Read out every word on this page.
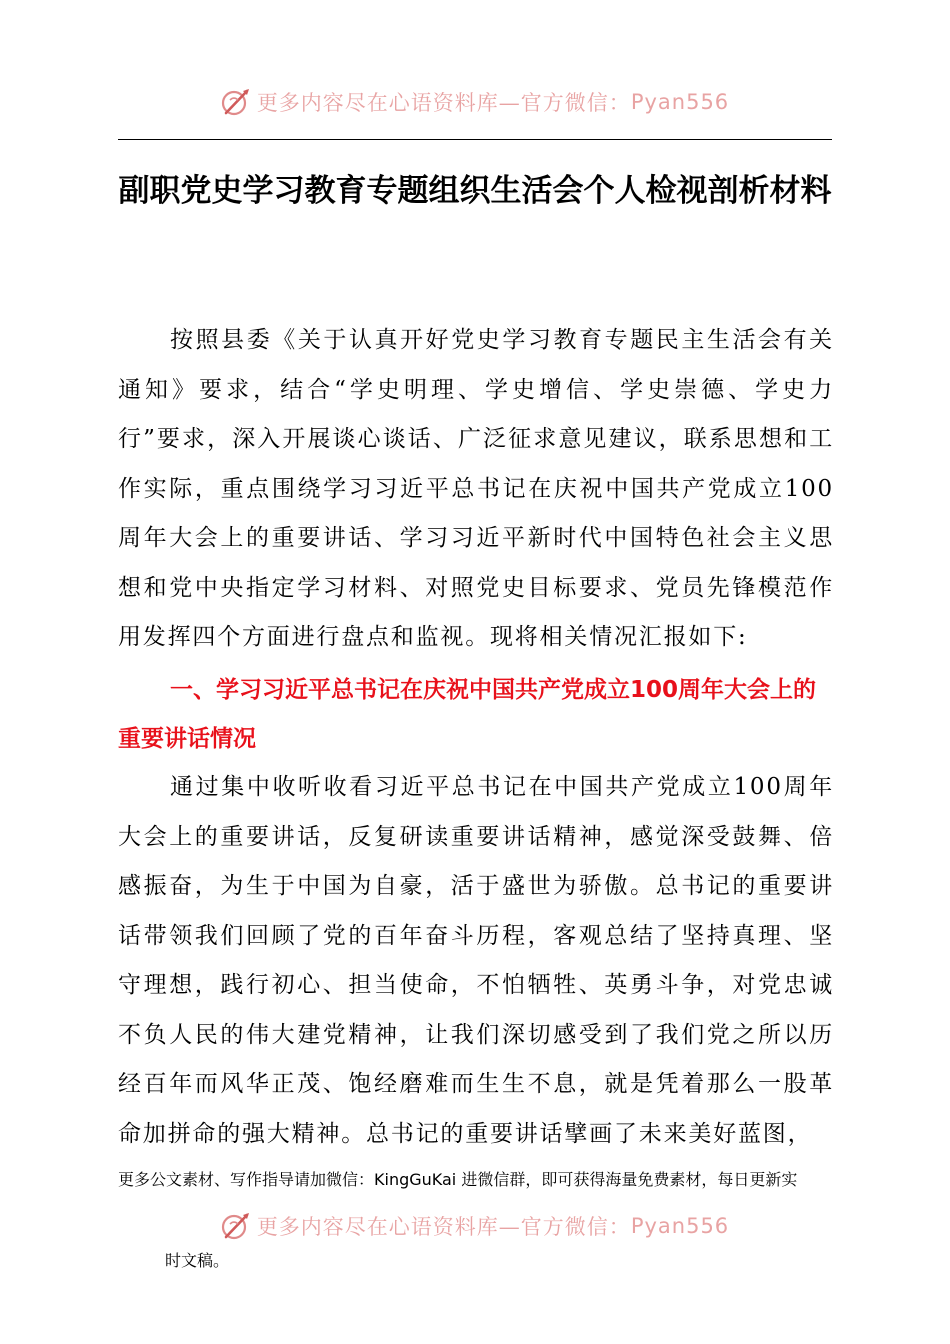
更多内容尽在心语资料库—官方微信： Pyan556
副职党史学习教育专题组织生活会个人检视剖析材料

按照县委《关于认真开好党史学习教育专题民主生活会有关通知》要求，结合“学史明理、学史增信、学史崇德、学史力行”要求，深入开展谈心谈话、广泛征求意见建议，联系思想和工作实际，重点围绕学习习近平总书记在庆祝中国共产党成立100周年大会上的重要讲话、学习习近平新时代中国特色社会主义思想和党中央指定学习材料、对照党史目标要求、党员先锋模范作用发挥四个方面进行盘点和监视。现将相关情况汇报如下:

一、学习习近平总书记在庆祝中国共产党成立100周年大会上的重要讲话情况

通过集中收听收看习近平总书记在中国共产党成立100周年大会上的重要讲话，反复研读重要讲话精神，感觉深受鼓舞、倍感振奋，为生于中国为自豪，活于盛世为骄傲。总书记的重要讲话带领我们回顾了党的百年奋斗历程，客观总结了坚持真理、坚守理想，践行初心、担当使命，不怕牺牲、英勇斗争，对党忠诚不负人民的伟大建党精神，让我们深切感受到了我们党之所以历经百年而风华正茂、饱经磨难而生生不息，就是凭着那么一股革命加拼命的强大精神。总书记的重要讲话擘画了未来美好蓝图，

更多公文素材、写作指导请加微信：KingGuKai 进微信群，即可获得海量免费素材，每日更新实

更多内容尽在心语资料库—官方微信： Pyan556

时文稿。
